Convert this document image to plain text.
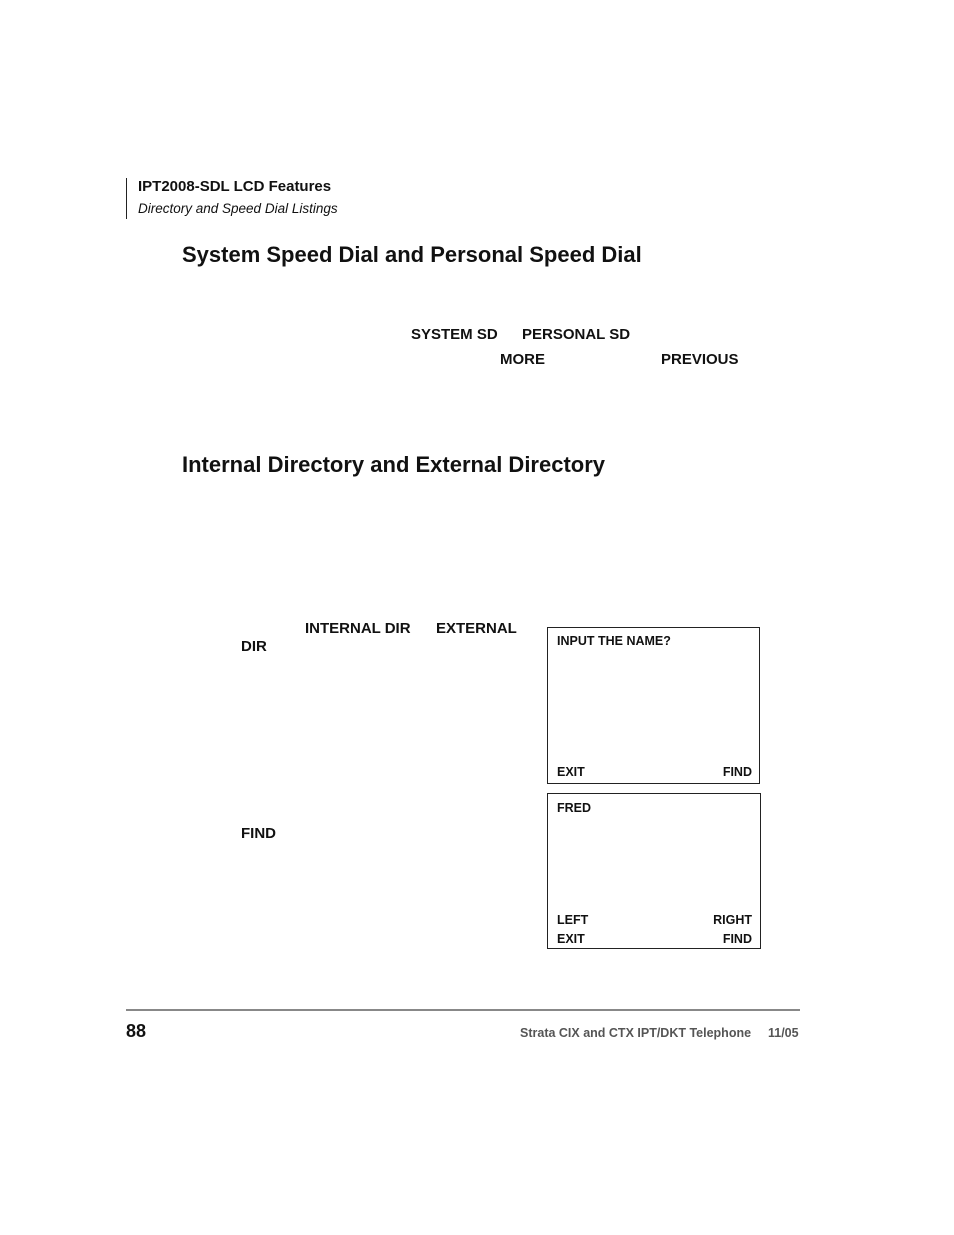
IPT2008-SDL LCD Features
Directory and Speed Dial Listings
System Speed Dial and Personal Speed Dial
SYSTEM SD PERSONAL SD
MORE	PREVIOUS
Internal Directory and External Directory
INTERNAL DIR EXTERNAL
DIR
FIND
INPUT THE NAME?
EXIT	FIND
FRED
LEFT	RIGHT
EXIT	FIND
88	Strata CIX and CTX IPT/DKT Telephone 11/05
